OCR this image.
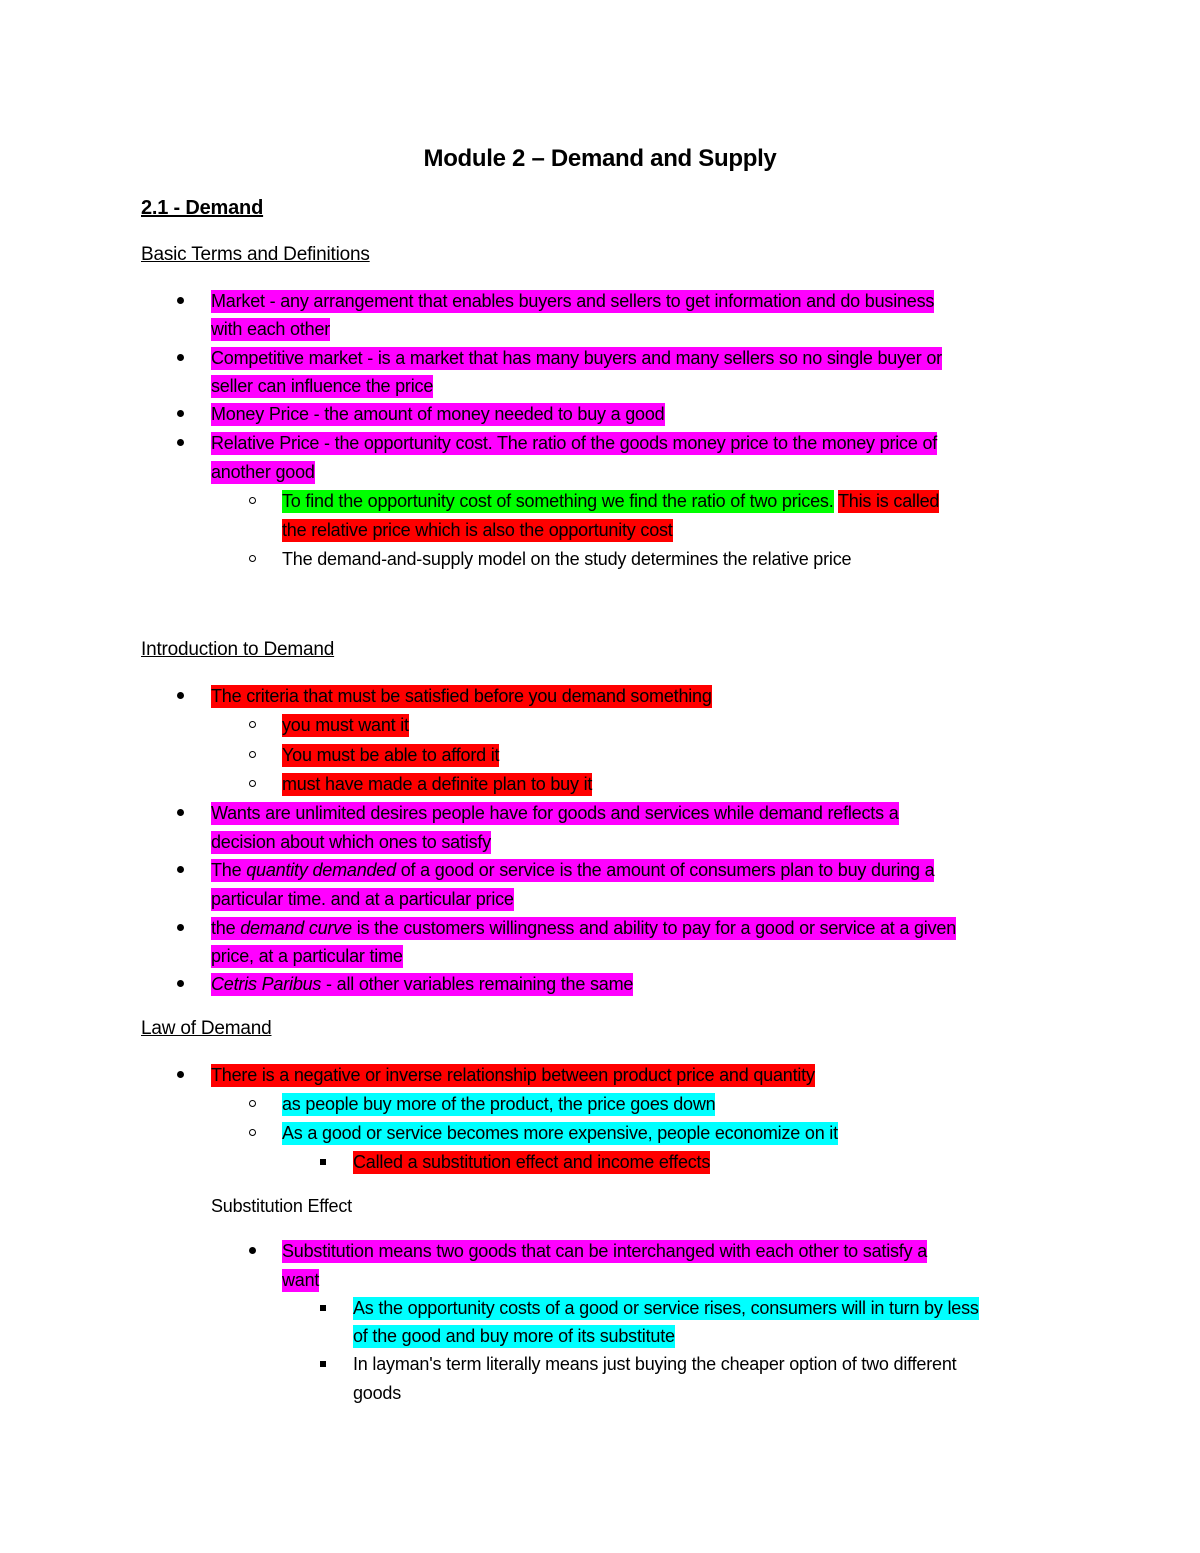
Module 2 – Demand and Supply
2.1 - Demand
Basic Terms and Definitions
Market - any arrangement that enables buyers and sellers to get information and do business
with each other
Competitive market - is a market that has many buyers and many sellers so no single buyer or
seller can influence the price
Money Price - the amount of money needed to buy a good
Relative Price - the opportunity cost. The ratio of the goods money price to the money price of
another good
To find the opportunity cost of something we find the ratio of two prices. This is called
the relative price which is also the opportunity cost
The demand-and-supply model on the study determines the relative price
Introduction to Demand
The criteria that must be satisfied before you demand something
you must want it
You must be able to afford it
must have made a definite plan to buy it
Wants are unlimited desires people have for goods and services while demand reflects a
decision about which ones to satisfy
The quantity demanded of a good or service is the amount of consumers plan to buy during a
particular time. and at a particular price
the demand curve is the customers willingness and ability to pay for a good or service at a given
price, at a particular time
Cetris Paribus - all other variables remaining the same
Law of Demand
There is a negative or inverse relationship between product price and quantity
as people buy more of the product, the price goes down
As a good or service becomes more expensive, people economize on it
Called a substitution effect and income effects
Substitution Effect
Substitution means two goods that can be interchanged with each other to satisfy a
want
As the opportunity costs of a good or service rises, consumers will in turn by less
of the good and buy more of its substitute
In layman's term literally means just buying the cheaper option of two different
goods
